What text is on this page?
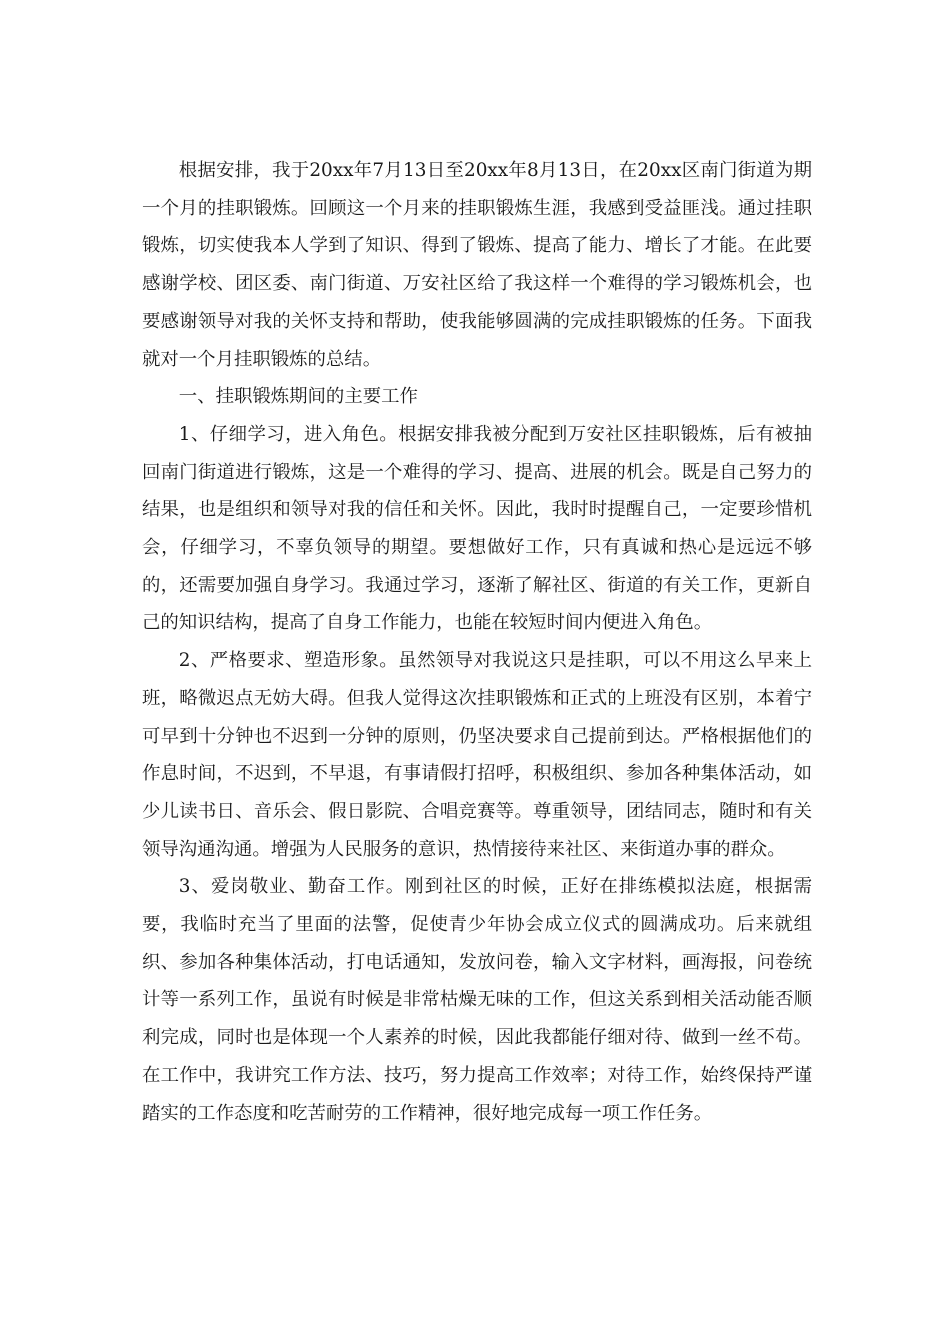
根据安排，我于20xx年7月13日至20xx年8月13日，在20xx区南门街道为期一个月的挂职锻炼。回顾这一个月来的挂职锻炼生涯，我感到受益匪浅。通过挂职锻炼，切实使我本人学到了知识、得到了锻炼、提高了能力、增长了才能。在此要感谢学校、团区委、南门街道、万安社区给了我这样一个难得的学习锻炼机会，也要感谢领导对我的关怀支持和帮助，使我能够圆满的完成挂职锻炼的任务。下面我就对一个月挂职锻炼的总结。

一、挂职锻炼期间的主要工作

1、仔细学习，进入角色。根据安排我被分配到万安社区挂职锻炼，后有被抽回南门街道进行锻炼，这是一个难得的学习、提高、进展的机会。既是自己努力的结果，也是组织和领导对我的信任和关怀。因此，我时时提醒自己，一定要珍惜机会，仔细学习，不辜负领导的期望。要想做好工作，只有真诚和热心是远远不够的，还需要加强自身学习。我通过学习，逐渐了解社区、街道的有关工作，更新自己的知识结构，提高了自身工作能力，也能在较短时间内便进入角色。

2、严格要求、塑造形象。虽然领导对我说这只是挂职，可以不用这么早来上班，略微迟点无妨大碍。但我人觉得这次挂职锻炼和正式的上班没有区别，本着宁可早到十分钟也不迟到一分钟的原则，仍坚决要求自己提前到达。严格根据他们的作息时间，不迟到，不早退，有事请假打招呼，积极组织、参加各种集体活动，如少儿读书日、音乐会、假日影院、合唱竞赛等。尊重领导，团结同志，随时和有关领导沟通沟通。增强为人民服务的意识，热情接待来社区、来街道办事的群众。

3、爱岗敬业、勤奋工作。刚到社区的时候，正好在排练模拟法庭，根据需要，我临时充当了里面的法警，促使青少年协会成立仪式的圆满成功。后来就组织、参加各种集体活动，打电话通知，发放问卷，输入文字材料，画海报，问卷统计等一系列工作，虽说有时候是非常枯燥无味的工作，但这关系到相关活动能否顺利完成，同时也是体现一个人素养的时候，因此我都能仔细对待、做到一丝不苟。在工作中，我讲究工作方法、技巧，努力提高工作效率；对待工作，始终保持严谨踏实的工作态度和吃苦耐劳的工作精神，很好地完成每一项工作任务。
